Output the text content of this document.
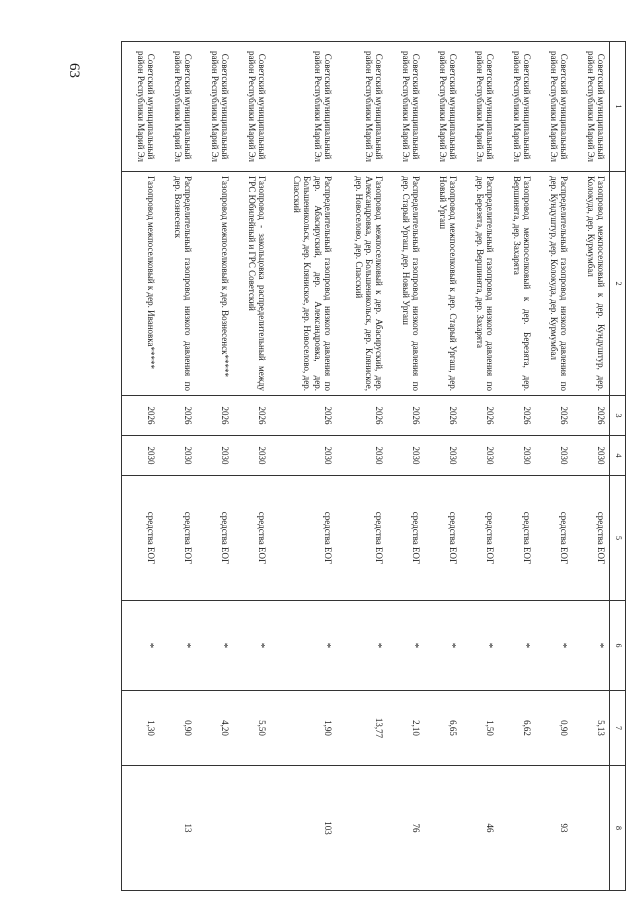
63
1	2	3	4	5	6	7	8
Советский муниципальный район Республики Марий Эл	Газопровод межпоселковый к дер. Кундуштур, дер. Колокуда, дер. Курмумбал	2026	2030	средства ЕОГ	*	5,13	
Советский муниципальный район Республики Марий Эл	Распределительный газопровод низкого давления по дер. Кундуштур, дер. Колокуда, дер. Курмумбал	2026	2030	средства ЕОГ	*	0,90	93
Советский муниципальный район Республики Марий Эл	Газопровод межпоселковый к дер. Березята, дер. Вершинята, дер. Захарята	2026	2030	средства ЕОГ	*	6,62	
Советский муниципальный район Республики Марий Эл	Распределительный газопровод низкого давления по дер. Березята, дер. Вершинята, дер. Захарята	2026	2030	средства ЕОГ	*	1,50	46
Советский муниципальный район Республики Марий Эл	Газопровод межпоселковый к дер. Старый Ургаш, дер. Новый Ургаш	2026	2030	средства ЕОГ	*	6,65	
Советский муниципальный район Республики Марий Эл	Распределительный газопровод низкого давления по дер. Старый Ургаш, дер. Новый Ургаш	2026	2030	средства ЕОГ	*	2,10	76
Советский муниципальный район Республики Марий Эл	Газопровод межпоселковый к дер. Абасируский, дер. Александровка, дер. Большеникольск, дер. Кляниское, дер. Новоселово, дер. Спасский	2026	2030	средства ЕОГ	*	13,77	
Советский муниципальный район Республики Марий Эл	Распределительный газопровод низкого давления по дер. Абасируский, дер. Александровка, дер. Большеникольск, дер. Кляниское, дер. Новоселово, дер. Спасский	2026	2030	средства ЕОГ	*	1,90	103
Советский муниципальный район Республики Марий Эл	Газопровод - закольцовка распределительный между ГРС Юбилейный и ГРС Советский	2026	2030	средства ЕОГ	*	5,50	
Советский муниципальный район Республики Марий Эл	Газопровод межпоселковый к дер. Вознесенск*****	2026	2030	средства ЕОГ	*	4,20	
Советский муниципальный район Республики Марий Эл	Распределительный газопровод низкого давления по дер. Вознесенск	2026	2030	средства ЕОГ	*	0,90	13
Советский муниципальный район Республики Марий Эл	Газопровод межпоселковый к дер. Ивановка*****	2026	2030	средства ЕОГ	*	1,30	
